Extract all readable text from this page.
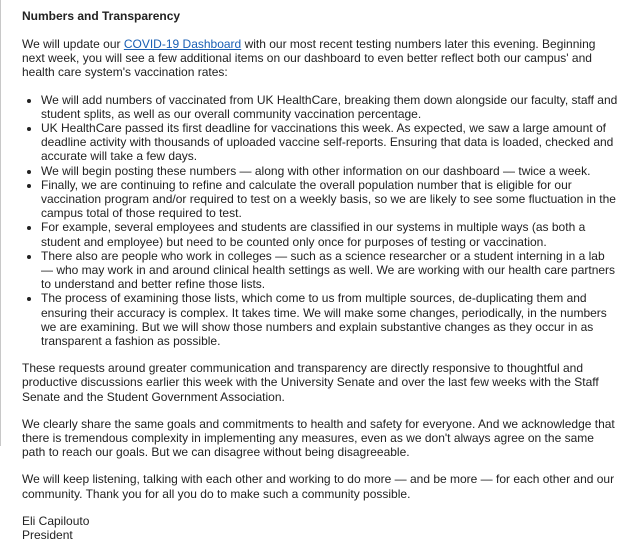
Numbers and Transparency

We will update our COVID-19 Dashboard with our most recent testing numbers later this evening. Beginning next week, you will see a few additional items on our dashboard to even better reflect both our campus' and health care system's vaccination rates:

• We will add numbers of vaccinated from UK HealthCare, breaking them down alongside our faculty, staff and student splits, as well as our overall community vaccination percentage.
• UK HealthCare passed its first deadline for vaccinations this week. As expected, we saw a large amount of deadline activity with thousands of uploaded vaccine self-reports. Ensuring that data is loaded, checked and accurate will take a few days.
• We will begin posting these numbers — along with other information on our dashboard — twice a week.
• Finally, we are continuing to refine and calculate the overall population number that is eligible for our vaccination program and/or required to test on a weekly basis, so we are likely to see some fluctuation in the campus total of those required to test.
• For example, several employees and students are classified in our systems in multiple ways (as both a student and employee) but need to be counted only once for purposes of testing or vaccination.
• There also are people who work in colleges — such as a science researcher or a student interning in a lab — who may work in and around clinical health settings as well. We are working with our health care partners to understand and better refine those lists.
• The process of examining those lists, which come to us from multiple sources, de-duplicating them and ensuring their accuracy is complex. It takes time. We will make some changes, periodically, in the numbers we are examining. But we will show those numbers and explain substantive changes as they occur in as transparent a fashion as possible.

These requests around greater communication and transparency are directly responsive to thoughtful and productive discussions earlier this week with the University Senate and over the last few weeks with the Staff Senate and the Student Government Association.

We clearly share the same goals and commitments to health and safety for everyone. And we acknowledge that there is tremendous complexity in implementing any measures, even as we don't always agree on the same path to reach our goals. But we can disagree without being disagreeable.

We will keep listening, talking with each other and working to do more — and be more — for each other and our community. Thank you for all you do to make such a community possible.

Eli Capilouto

President
